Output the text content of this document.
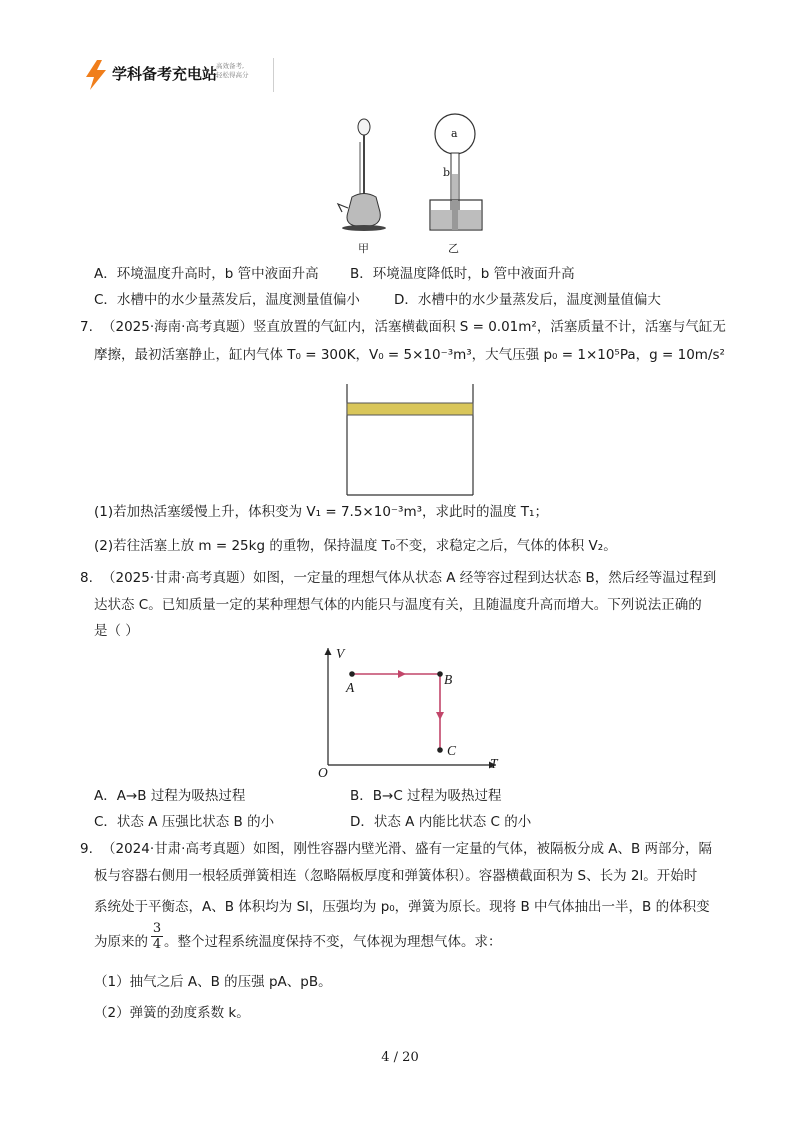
学科备考充电站
高效备考,
轻松得高分
a
b
甲	乙
A．环境温度升高时，b 管中液面升高 B．环境温度降低时，b 管中液面升高
C．水槽中的水少量蒸发后，温度测量值偏小	D．水槽中的水少量蒸发后，温度测量值偏大
7. （2025·海南·高考真题）竖直放置的气缸内，活塞横截面积 S = 0.01m²，活塞质量不计，活塞与气缸无
摩擦，最初活塞静止，缸内气体 T₀ = 300K，V₀ = 5×10⁻³m³，大气压强 p₀ = 1×10⁵Pa，g = 10m/s²
(1)若加热活塞缓慢上升，体积变为 V₁ = 7.5×10⁻³m³，求此时的温度 T₁；
(2)若往活塞上放 m = 25kg 的重物，保持温度 T₀不变，求稳定之后，气体的体积 V₂。
8. （2025·甘肃·高考真题）如图，一定量的理想气体从状态 A 经等容过程到达状态 B，然后经等温过程到
达状态 C。已知质量一定的某种理想气体的内能只与温度有关，且随温度升高而增大。下列说法正确的
是（ ）
V
T
O
A
B
C
A．A→B 过程为吸热过程	B．B→C 过程为吸热过程
C．状态 A 压强比状态 B 的小	D．状态 A 内能比状态 C 的小
9. （2024·甘肃·高考真题）如图，刚性容器内壁光滑、盛有一定量的气体，被隔板分成 A、B 两部分，隔
板与容器右侧用一根轻质弹簧相连（忽略隔板厚度和弹簧体积）。容器横截面积为 S、长为 2l。开始时
系统处于平衡态，A、B 体积均为 Sl，压强均为 p₀，弹簧为原长。现将 B 中气体抽出一半，B 的体积变
为原来的 $\frac{3}{4}$ 。整个过程系统温度保持不变，气体视为理想气体。求：
（1）抽气之后 A、B 的压强 pA、pB。
（2）弹簧的劲度系数 k。
4 / 20
